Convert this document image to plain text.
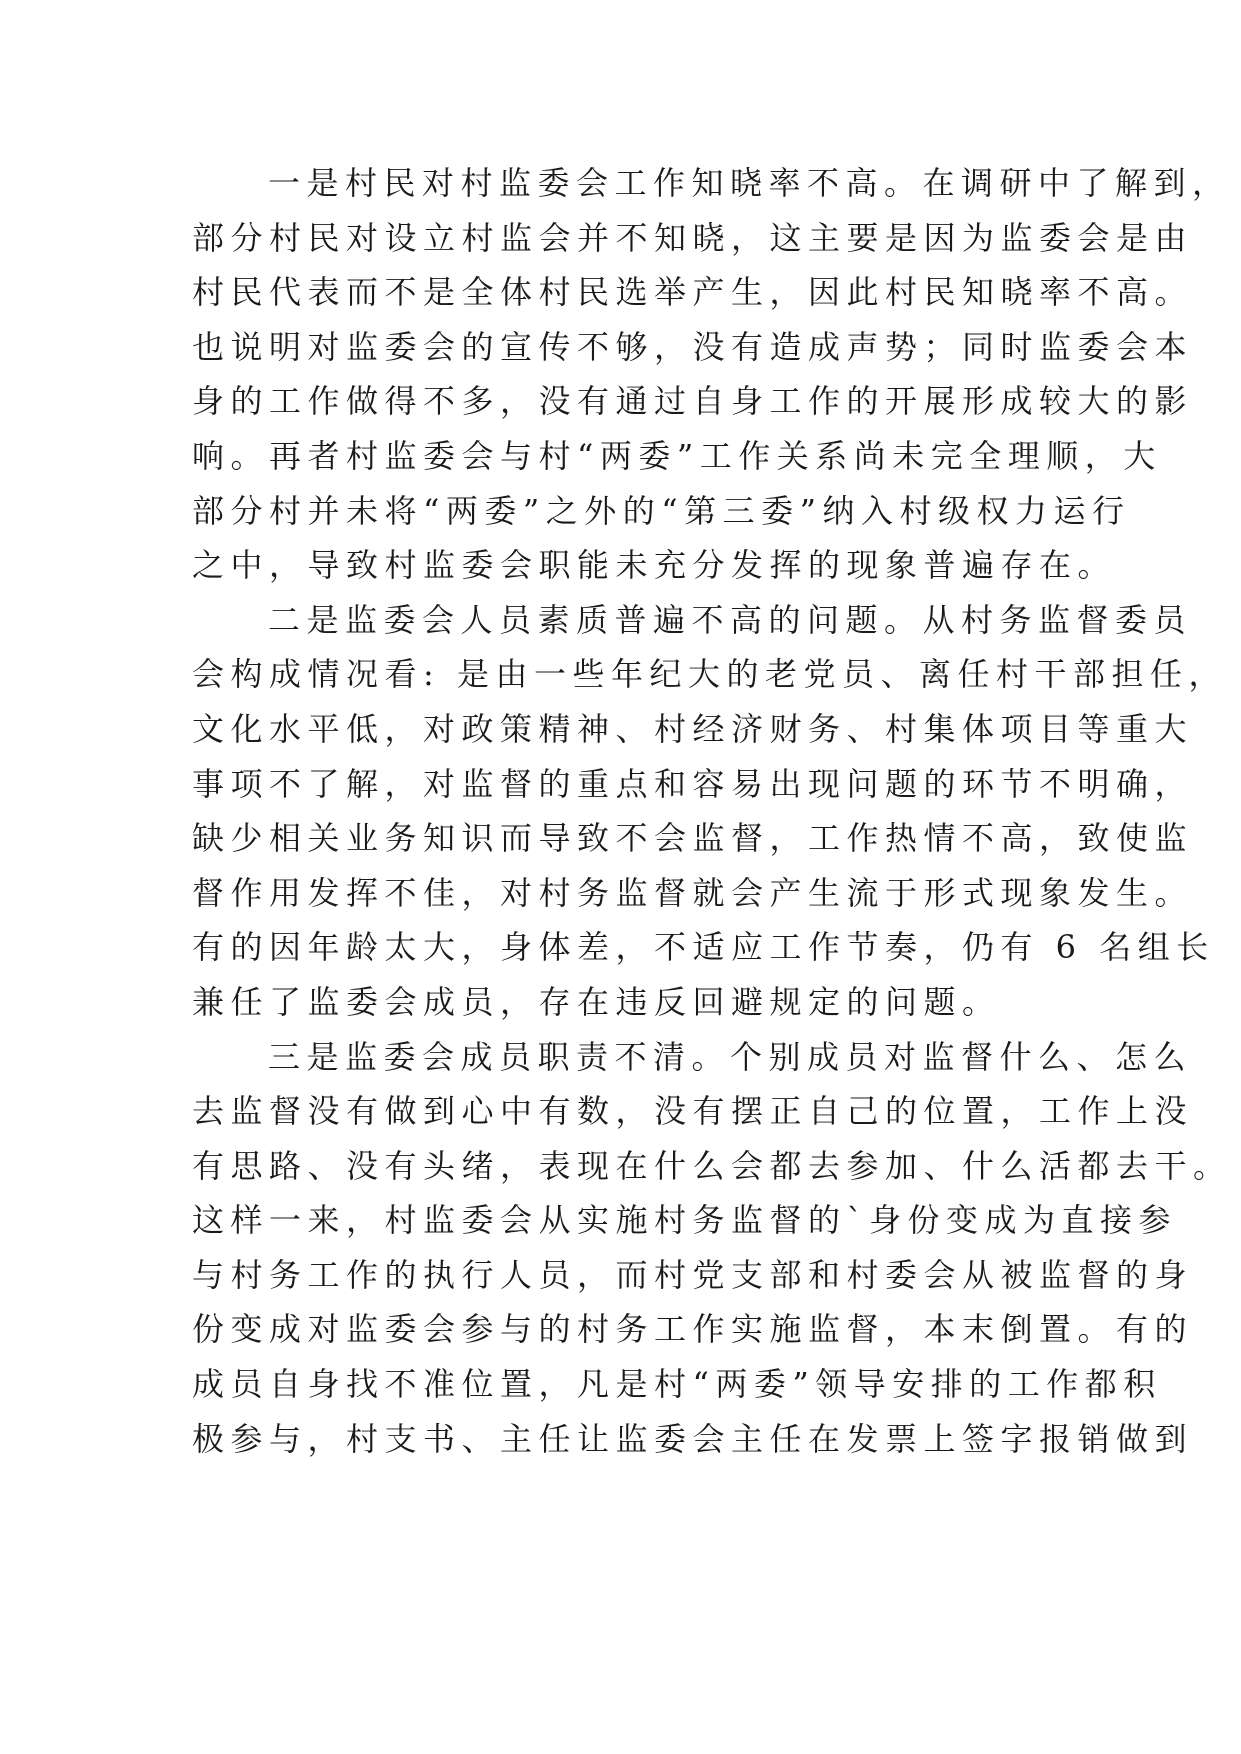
一是村民对村监委会工作知晓率不高。在调研中了解到，
部分村民对设立村监会并不知晓，这主要是因为监委会是由
村民代表而不是全体村民选举产生，因此村民知晓率不高。
也说明对监委会的宣传不够，没有造成声势；同时监委会本
身的工作做得不多，没有通过自身工作的开展形成较大的影
响。再者村监委会与村“两委”工作关系尚未完全理顺，大
部分村并未将“两委”之外的“第三委”纳入村级权力运行
之中，导致村监委会职能未充分发挥的现象普遍存在。
二是监委会人员素质普遍不高的问题。从村务监督委员
会构成情况看: 是由一些年纪大的老党员、离任村干部担任，
文化水平低，对政策精神、村经济财务、村集体项目等重大
事项不了解，对监督的重点和容易出现问题的环节不明确，
缺少相关业务知识而导致不会监督，工作热情不高，致使监
督作用发挥不佳，对村务监督就会产生流于形式现象发生。
有的因年龄太大，身体差，不适应工作节奏，仍有 6 名组长
兼任了监委会成员，存在违反回避规定的问题。
三是监委会成员职责不清。个别成员对监督什么、怎么
去监督没有做到心中有数，没有摆正自己的位置，工作上没
有思路、没有头绪，表现在什么会都去参加、什么活都去干。
这样一来，村监委会从实施村务监督的`身份变成为直接参
与村务工作的执行人员，而村党支部和村委会从被监督的身
份变成对监委会参与的村务工作实施监督，本末倒置。有的
成员自身找不准位置，凡是村“两委”领导安排的工作都积
极参与，村支书、主任让监委会主任在发票上签字报销做到
